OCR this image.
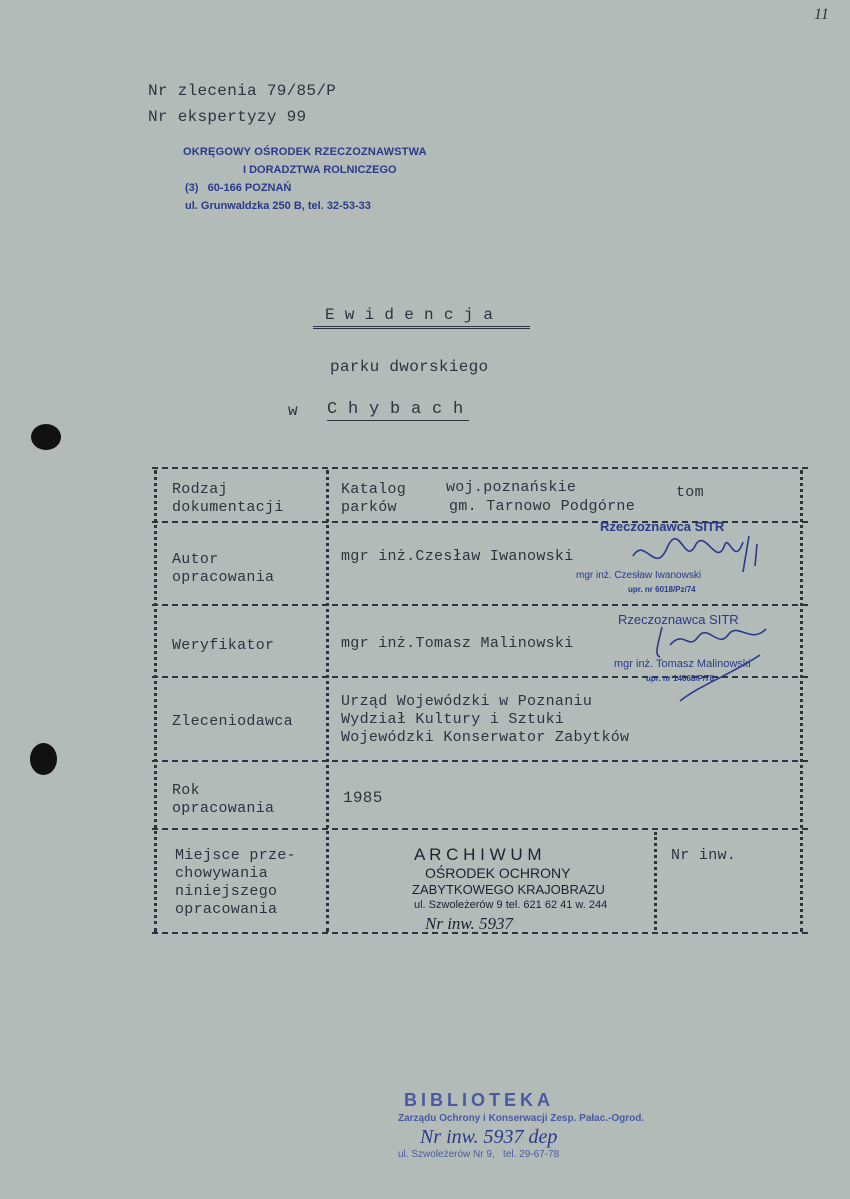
11
Nr zlecenia 79/85/P
Nr ekspertyzy 99
OKRĘGOWY OŚRODEK RZECZOZNAWSTWA
I DORADZTWA ROLNICZEGO
(3)   60-166 POZNAŃ
ul. Grunwaldzka 250 B, tel. 32-53-33
E w i d e n c j a
parku dworskiego
w C h y b a c h
Rodzaj
dokumentacji
Katalog
parków
woj.poznańskie
gm. Tarnowo Podgórne
tom
Autor
opracowania
mgr inż.Czesław Iwanowski
Rzeczoznawca SITR
mgr inż. Czesław Iwanowski
upr. nr 6018/Pz/74
Weryfikator	mgr inż.Tomasz Malinowski
Rzeczoznawca SITR
mgr inż. Tomasz Malinowski
upr. nr 14068/P/78
Zleceniodawca
Urząd Wojewódzki w Poznaniu
Wydział Kultury i Sztuki
Wojewódzki Konserwator Zabytków
Rok
opracowania
1985
Miejsce prze-
chowywania
niniejszego
opracowania
A R C H I W U M
OŚRODEK OCHRONY
ZABYTKOWEGO KRAJOBRAZU
ul. Szwoleżerów 9 tel. 621 62 41 w. 244
Nr inw. 5937
Nr inw.
BIBLIOTEKA
Zarządu Ochrony i Konserwacji Zesp. Pałac.-Ogrod.
ul. Szwoleżerów Nr 9,   tel. 29-67-78
Nr inw. 5937 dep
